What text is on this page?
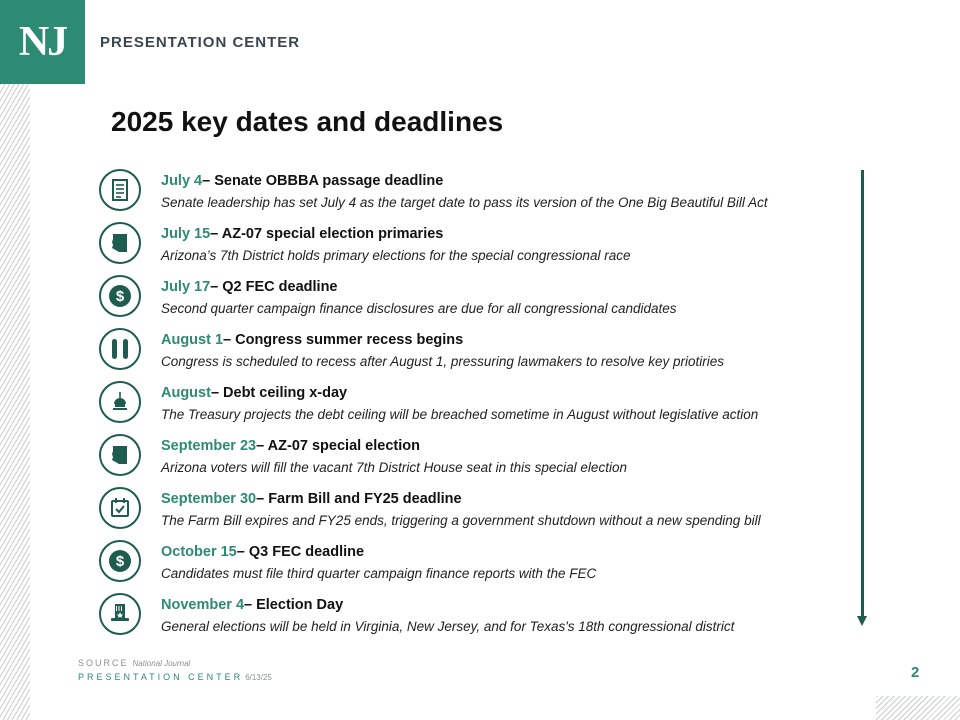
NJ PRESENTATION CENTER
2025 key dates and deadlines
July 4– Senate OBBBA passage deadline
Senate leadership has set July 4 as the target date to pass its version of the One Big Beautiful Bill Act
July 15– AZ-07 special election primaries
Arizona’s 7th District holds primary elections for the special congressional race
$
July 17– Q2 FEC deadline
Second quarter campaign finance disclosures are due for all congressional candidates
August 1– Congress summer recess begins
Congress is scheduled to recess after August 1, pressuring lawmakers to resolve key priotiries
August– Debt ceiling x-day
The Treasury projects the debt ceiling will be breached sometime in August without legislative action
September 23– AZ-07 special election
Arizona voters will fill the vacant 7th District House seat in this special election
September 30– Farm Bill and FY25 deadline
The Farm Bill expires and FY25 ends, triggering a government shutdown without a new spending bill
$
October 15– Q3 FEC deadline
Candidates must file third quarter campaign finance reports with the FEC
November 4– Election Day
General elections will be held in Virginia, New Jersey, and for Texas's 18th congressional district
SOURCE National Journal
PRESENTATION CENTER 6/13/25	2
